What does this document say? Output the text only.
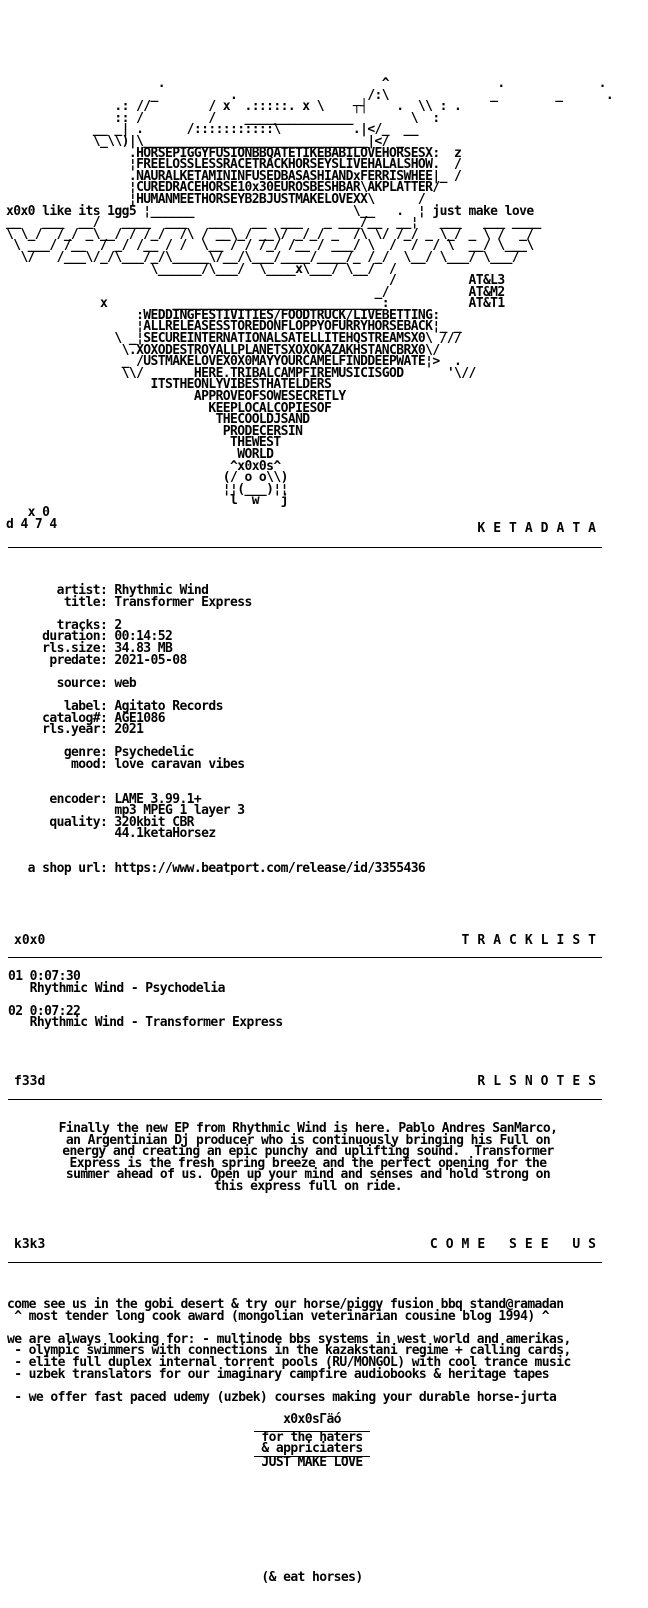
.                              ^               .             .
_          .                  /:\              _        _      .
.: //        / x  .:::::. x \    ┬┤    .  \\ : .
:: /         /    _______________        \  :
__ _| .      /:::::::::::\          .|</_  __
\_\\)|\_______________________________|</ _
.HORSEPIGGYFUSIONBBQATETIKEBABILOVEHORSESX:  z
¦FREELOSSLESSRACETRACKHORSEYSLIVEHALALSHOW.  /
.NAURALKETAMININFUSEDBASASHIANDxFERRISWHEE|_ /
¦CUREDRACEHORSE10x30EUROSBESHBAR\AKPLATTER/
¦HUMANMEETHORSEYB2BJUSTMAKELOVEXX\      /
x0x0 like its 1gg5 ¦______                      \__   .  ¦ just make love
__   ___  __/   ____  ___   ___   __  ___   _ ___/__  __¦   ___   ___ ____
\ \_/  /_/ _\__/ / /_/  /\ / __\_/ __\/ _/_/ _  /\ \/ /_/ _ \_/ _ \ /  _/
\ ___/ /__  / _/ /__ / /  \__ / / /_/ /__ / ___/ \  /  /  / \  __/ \___\
\/   /___\/_/\___/_/\_____\/__/\___/____/____/_ /_/  \__/ \___/ \___/
\______/\___/  \____x\___/ \__/  /
/          AT&L3
_/           AT&M2
x         _____________________________:           AT&T1
:WEDDINGFESTIVITIES/FOODTRUCK/LIVEBETTING:
¦ALLRELEASESSTOREDONFLOPPYOFURRYHORSEBACK¦_ _
\ _¦SECUREINTERNATIONALSATELLITEHQSTREAMSX0\ ///
\.XOXODESTROYALLPLANETSXOXOKAZAKHSTANCBRX0\/
_ /USTMAKELOVEX0X0MAYYOURCAMELFINDDEEPWATE¦>  .
\\/       HERE.TRIBALCAMPFIREMUSICISGOD      '\//
ITSTHEONLYVIBESTHATELDERS
APPROVEOFSOWESECRETLY
KEEPLOCALCOPIESOF
THECOOLDJSAND
PRODECERSIN
THEWEST
WORLD
^x0x0s^
(/ o o\\)
¦¦(___)¦¦
l  w   j
x 0
d 4 7 4	KETADATA
artist: Rhythmic Wind
title: Transformer Express

tracks: 2
duration: 00:14:52
rls.size: 34.83 MB
predate: 2021-05-08

source: web

label: Agitato Records
catalog#: AGE1086
rls.year: 2021

genre: Psychedelic
mood: love caravan vibes

encoder: LAME 3.99.1+
mp3 MPEG 1 layer 3
quality: 320kbit CBR
44.1ketaHorsez

a shop url: https://www.beatport.com/release/id/3355436
x0x0	TRACKLIST
01 0:07:30
Rhythmic Wind - Psychodelia

02 0:07:22
Rhythmic Wind - Transformer Express
f33d	RLSNOTES
Finally the new EP from Rhythmic Wind is here. Pablo Andres SanMarco,
an Argentinian Dj producer who is continuously bringing his Full on
energy and creating an epic punchy and uplifting sound.  Transformer
Express is the fresh spring breeze and the perfect opening for the
summer ahead of us. Open up your mind and senses and hold strong on
this express full on ride.
k3k3	COME SEE US
come see us in the gobi desert & try our horse/piggy fusion bbq stand@ramadan
^ most tender long cook award (mongolian veterinarian cousine blog 1994) ^

we are always looking for: - multinode bbs systems in west world and amerikas,
- olympic swimmers with connections in the kazakstani regime + calling cards,
- elite full duplex internal torrent pools (RU/MONGOL) with cool trance music
- uzbek translators for our imaginary campfire audiobooks & heritage tapes

- we offer fast paced udemy (uzbek) courses making your durable horse-jurta
x0x0sΓäó
for the haters
& appriciaters
JUST MAKE LOVE
(& eat horses)
